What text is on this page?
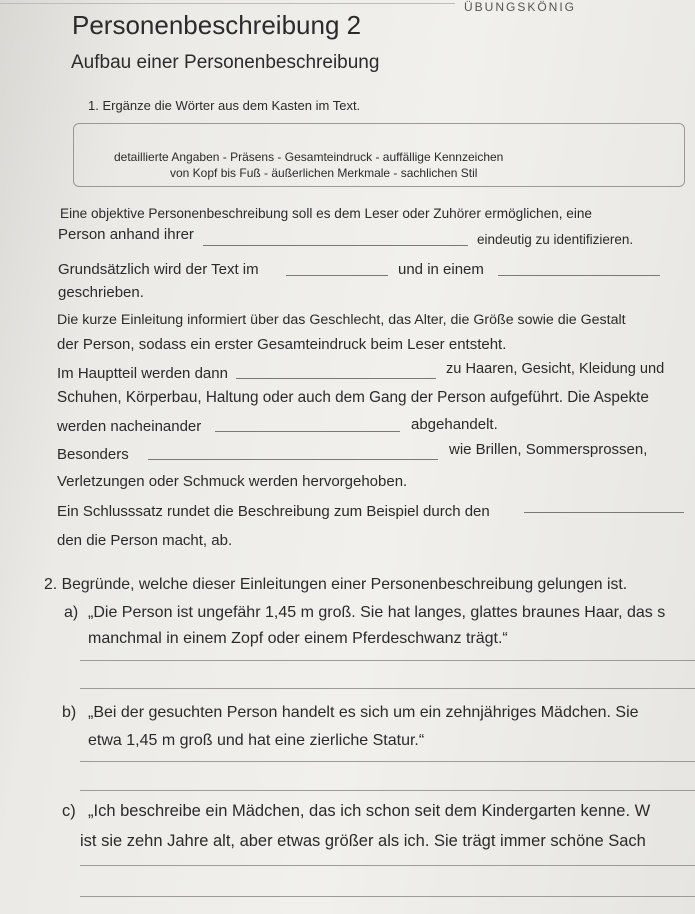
ÜBUNGSKÖNIG
Personenbeschreibung 2
Aufbau einer Personenbeschreibung
1. Ergänze die Wörter aus dem Kasten im Text.
detaillierte Angaben - Präsens - Gesamteindruck - auffällige Kennzeichen
von Kopf bis Fuß - äußerlichen Merkmale - sachlichen Stil
Eine objektive Personenbeschreibung soll es dem Leser oder Zuhörer ermöglichen, eine
Person anhand ihrer	eindeutig zu identifizieren.
Grundsätzlich wird der Text im	und in einem
geschrieben.
Die kurze Einleitung informiert über das Geschlecht, das Alter, die Größe sowie die Gestalt
der Person, sodass ein erster Gesamteindruck beim Leser entsteht.
Im Hauptteil werden dann	zu Haaren, Gesicht, Kleidung und
Schuhen, Körperbau, Haltung oder auch dem Gang der Person aufgeführt. Die Aspekte
werden nacheinander	abgehandelt.
Besonders	wie Brillen, Sommersprossen,
Verletzungen oder Schmuck werden hervorgehoben.
Ein Schlusssatz rundet die Beschreibung zum Beispiel durch den
den die Person macht, ab.
2. Begründe, welche dieser Einleitungen einer Personenbeschreibung gelungen ist.
a) „Die Person ist ungefähr 1,45 m groß. Sie hat langes, glattes braunes Haar, das s
manchmal in einem Zopf oder einem Pferdeschwanz trägt.“
b) „Bei der gesuchten Person handelt es sich um ein zehnjähriges Mädchen. Sie
etwa 1,45 m groß und hat eine zierliche Statur.“
c) „Ich beschreibe ein Mädchen, das ich schon seit dem Kindergarten kenne. W
ist sie zehn Jahre alt, aber etwas größer als ich. Sie trägt immer schöne Sach
